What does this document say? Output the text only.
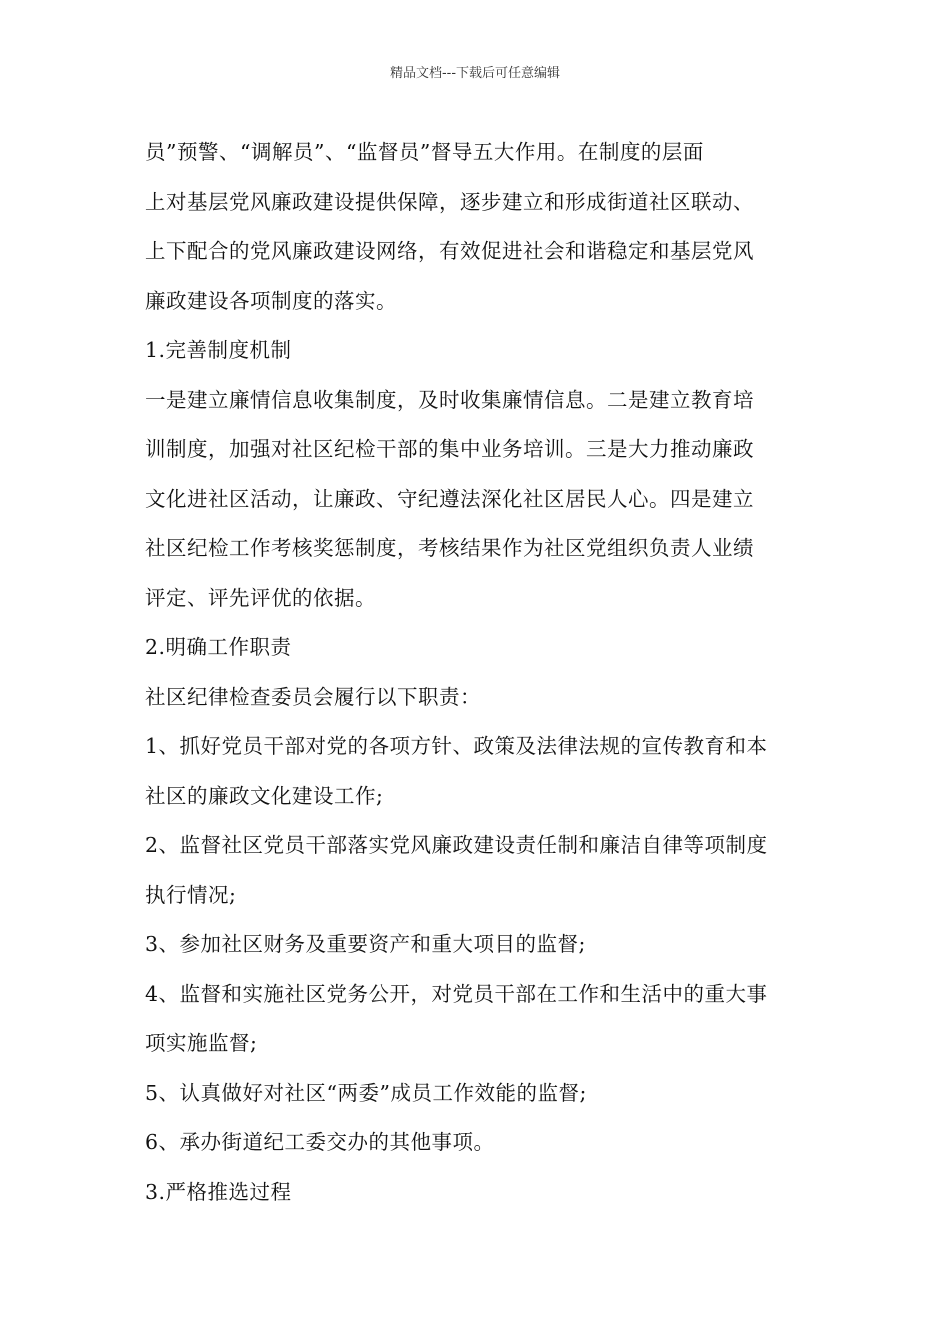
精品文档---下载后可任意编辑
员”预警、“调解员”、“监督员”督导五大作用。在制度的层面
上对基层党风廉政建设提供保障，逐步建立和形成街道社区联动、
上下配合的党风廉政建设网络，有效促进社会和谐稳定和基层党风
廉政建设各项制度的落实。
1.完善制度机制
一是建立廉情信息收集制度，及时收集廉情信息。二是建立教育培
训制度，加强对社区纪检干部的集中业务培训。三是大力推动廉政
文化进社区活动，让廉政、守纪遵法深化社区居民人心。四是建立
社区纪检工作考核奖惩制度，考核结果作为社区党组织负责人业绩
评定、评先评优的依据。
2.明确工作职责
社区纪律检查委员会履行以下职责：
1、抓好党员干部对党的各项方针、政策及法律法规的宣传教育和本
社区的廉政文化建设工作;
2、监督社区党员干部落实党风廉政建设责任制和廉洁自律等项制度
执行情况;
3、参加社区财务及重要资产和重大项目的监督;
4、监督和实施社区党务公开，对党员干部在工作和生活中的重大事
项实施监督;
5、认真做好对社区“两委”成员工作效能的监督;
6、承办街道纪工委交办的其他事项。
3.严格推选过程
